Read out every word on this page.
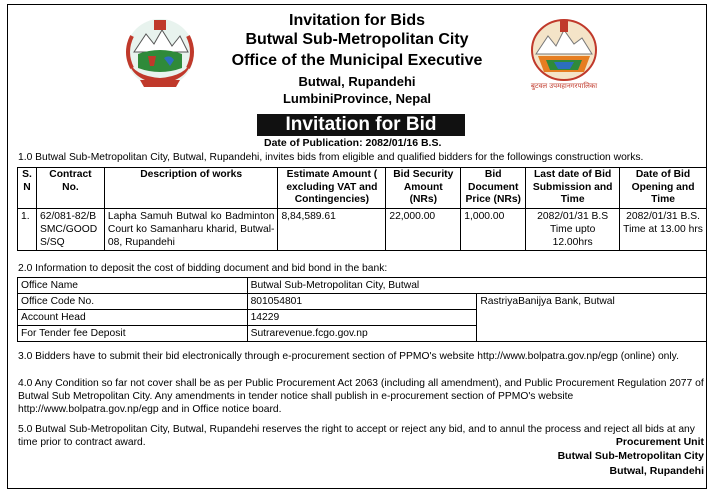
Invitation for Bids
Butwal Sub-Metropolitan City
Office of the Municipal Executive
Butwal, Rupandehi
LumbiniProvince, Nepal
बुटवल उपमहानगरपालिका
Invitation for Bid
Date of Publication: 2082/01/16 B.S.
1.0 Butwal Sub-Metropolitan City, Butwal, Rupandehi, invites bids from eligible and qualified bidders for the followings construction works.
S. N	Contract No.	Description of works	Estimate Amount ( excluding VAT and Contingencies)	Bid Security Amount (NRs)	Bid Document Price (NRs)	Last date of Bid Submission and Time	Date of Bid Opening and Time
1.	62/081-82/BSMC/GOODS/SQ	Lapha Samuh Butwal ko Badminton Court ko Samanharu kharid, Butwal-08, Rupandehi	8,84,589.61	22,000.00	1,000.00	2082/01/31 B.S Time upto 12.00hrs	2082/01/31 B.S. Time at 13.00 hrs
2.0 Information to deposit the cost of bidding document and bid bond in the bank:
Office Name	Butwal Sub-Metropolitan City, Butwal	
Office Code No.	801054801	RastriyaBanijya Bank, Butwal
Account Head	14229	
For Tender fee Deposit	Sutrarevenue.fcgo.gov.np	
3.0 Bidders have to submit their bid electronically through e-procurement section of PPMO's website http://www.bolpatra.gov.np/egp (online) only.
4.0 Any Condition so far not cover shall be as per Public Procurement Act 2063 (including all amendment), and Public Procurement Regulation 2077 of Butwal Sub Metropolitan City. Any amendments in tender notice shall publish in e-procurement section of PPMO's website http://www.bolpatra.gov.np/egp and in Office notice board.
5.0 Butwal Sub-Metropolitan City, Butwal, Rupandehi reserves the right to accept or reject any bid, and to annul the process and reject all bids at any time prior to contract award.	Procurement Unit
Butwal Sub-Metropolitan City
Butwal, Rupandehi
